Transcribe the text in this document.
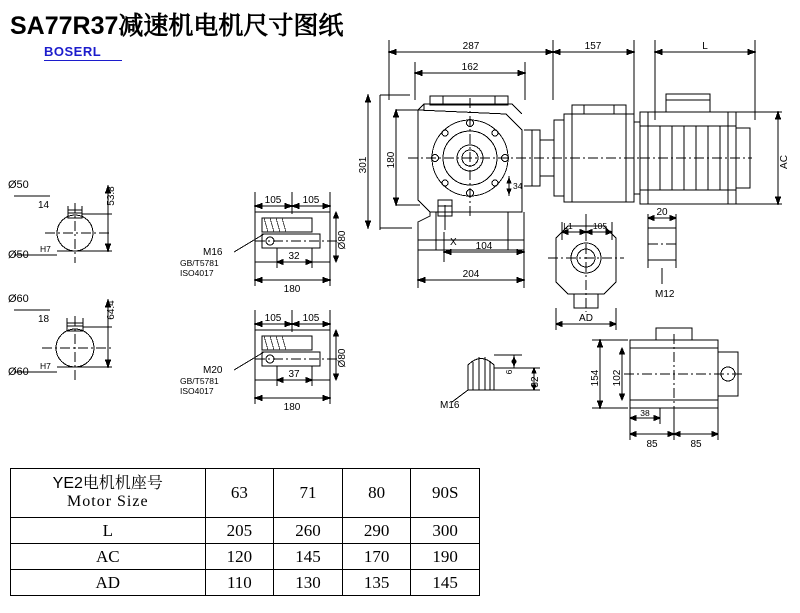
SA77R37减速机电机尺寸图纸
BOSERL	287	157	L
162
301 180
34
AC
X 104
204
L1 105
AD
20
M12
154 102
38
85	85
6
32
M16
Ø50
14	53.8
Ø50 H7
Ø60
18	64.4
Ø60 H7
105 105
M16
GB/T5781
ISO4017
32
180
Ø80
105 105
M20
GB/T5781
ISO4017
37
180
Ø80
YE2电机机座号
Motor Size	63	71	80	90S
L	205	260	290	300
AC	120	145	170	190
AD	110	130	135	145
